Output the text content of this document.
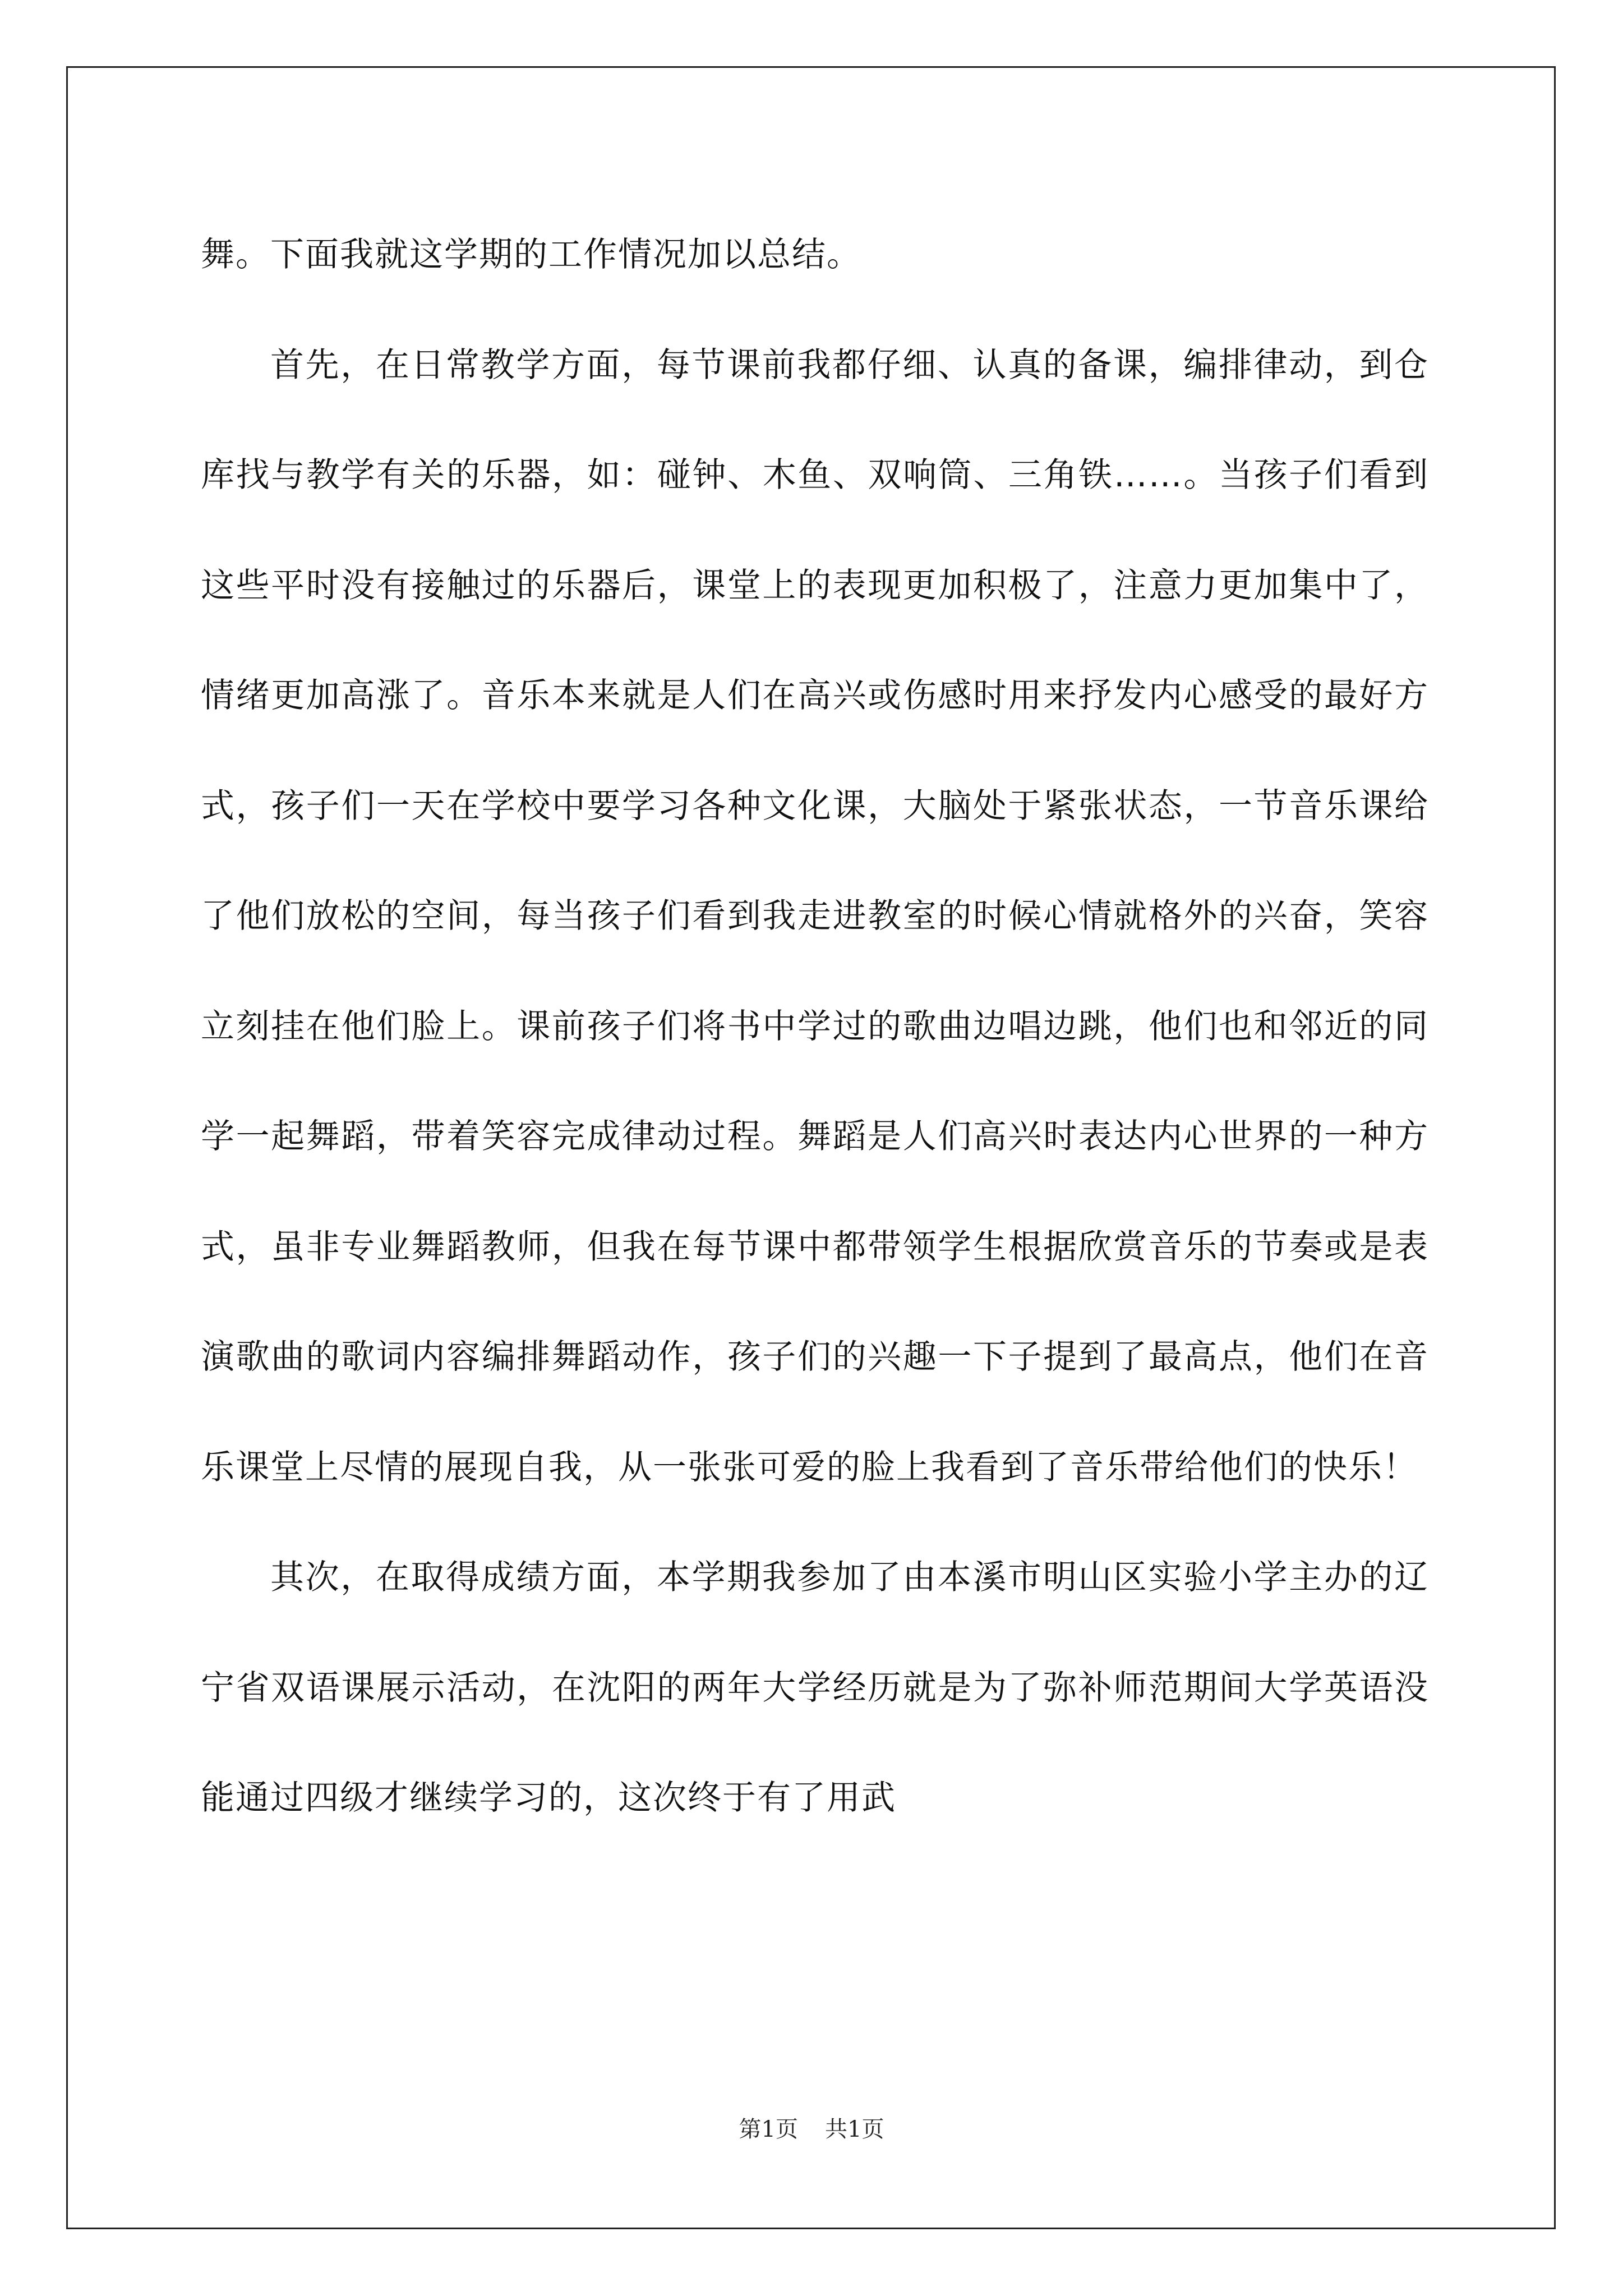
舞。下面我就这学期的工作情况加以总结。

首先，在日常教学方面，每节课前我都仔细、认真的备课，编排律动，到仓库找与教学有关的乐器，如：碰钟、木鱼、双响筒、三角铁……。当孩子们看到这些平时没有接触过的乐器后，课堂上的表现更加积极了，注意力更加集中了，情绪更加高涨了。音乐本来就是人们在高兴或伤感时用来抒发内心感受的最好方式，孩子们一天在学校中要学习各种文化课，大脑处于紧张状态，一节音乐课给了他们放松的空间，每当孩子们看到我走进教室的时候心情就格外的兴奋，笑容立刻挂在他们脸上。课前孩子们将书中学过的歌曲边唱边跳，他们也和邻近的同学一起舞蹈，带着笑容完成律动过程。舞蹈是人们高兴时表达内心世界的一种方式，虽非专业舞蹈教师，但我在每节课中都带领学生根据欣赏音乐的节奏或是表演歌曲的歌词内容编排舞蹈动作，孩子们的兴趣一下子提到了最高点，他们在音乐课堂上尽情的展现自我，从一张张可爱的脸上我看到了音乐带给他们的快乐！

其次，在取得成绩方面，本学期我参加了由本溪市明山区实验小学主办的辽宁省双语课展示活动，在沈阳的两年大学经历就是为了弥补师范期间大学英语没能通过四级才继续学习的，这次终于有了用武

第1页 共1页
